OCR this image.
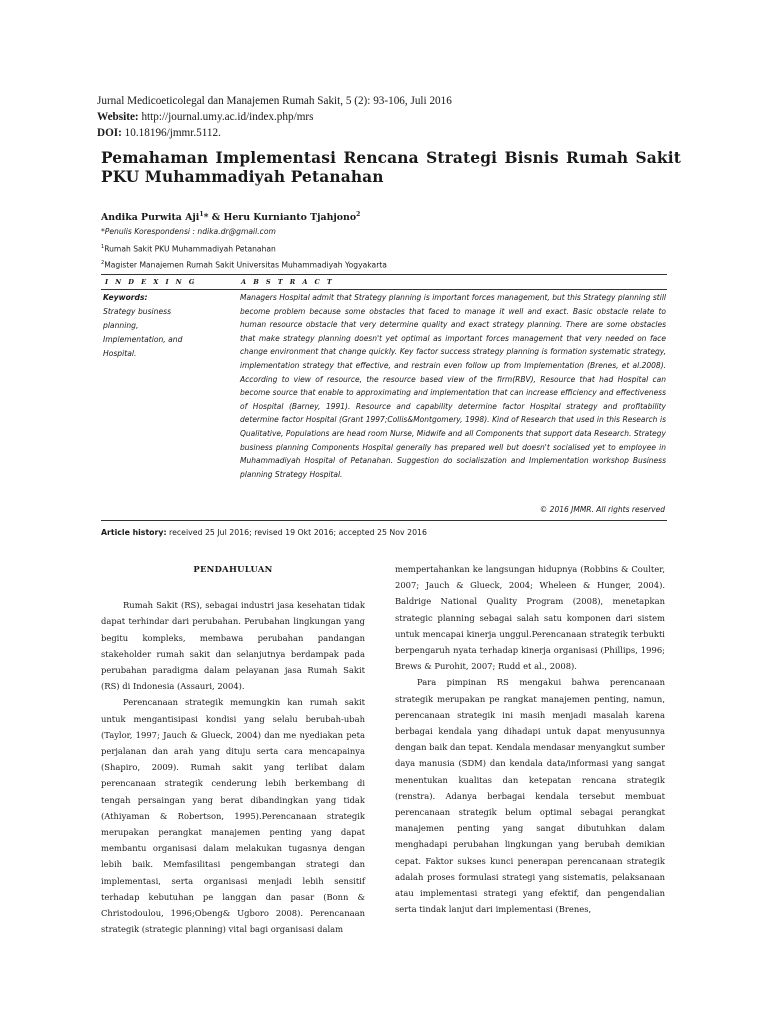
Jurnal Medicoeticolegal dan Manajemen Rumah Sakit, 5 (2): 93-106, Juli 2016
Website: http://journal.umy.ac.id/index.php/mrs
DOI: 10.18196/jmmr.5112.
Pemahaman Implementasi Rencana Strategi Bisnis Rumah Sakit PKU Muhammadiyah Petanahan
Andika Purwita Aji$^1$* & Heru Kurnianto Tjahjono$^2$
*Penulis Korespondensi : ndika.dr@gmail.com
$^1$Rumah Sakit PKU Muhammadiyah Petanahan
$^2$Magister Manajemen Rumah Sakit Universitas Muhammadiyah Yogyakarta
I N D E X I N G	A B S T R A C T
Keywords:
Strategy business
planning,
Implementation, and
Hospital.
Managers Hospital admit that Strategy planning is important forces management, but this Strategy planning still become problem because some obstacles that faced to manage it well and exact. Basic obstacle relate to human resource obstacle that very determine quality and exact strategy planning. There are some obstacles that make strategy planning doesn't yet optimal as important forces management that very needed on face change environment that change quickly. Key factor success strategy planning is formation systematic strategy, implementation strategy that effective, and restrain even follow up from Implementation (Brenes, et al.2008). According to view of resource, the resource based view of the firm(RBV), Resource that had Hospital can become source that enable to approximating and implementation that can increase efficiency and effectiveness of Hospital (Barney, 1991). Resource and capability determine factor Hospital strategy and profitability determine factor Hospital (Grant 1997;Collis&Montgomery, 1998). Kind of Research that used in this Research is Qualitative, Populations are head room Nurse, Midwife and all Components that support data Research. Strategy business planning Components Hospital generally has prepared well but doesn't socialised yet to employee in Muhammadiyah Hospital of Petanahan. Suggestion do socialiszation and Implementation workshop Business planning Strategy Hospital.
© 2016 JMMR. All rights reserved
Article history: received 25 Jul 2016; revised 19 Okt 2016; accepted 25 Nov 2016
PENDAHULUAN

Rumah Sakit (RS), sebagai industri jasa kesehatan tidak dapat terhindar dari perubahan. Perubahan lingkungan yang begitu kompleks, membawa perubahan pandangan stakeholder rumah sakit dan selanjutnya berdampak pada perubahan paradigma dalam pelayanan jasa Rumah Sakit (RS) di Indonesia (Assauri, 2004).

Perencanaan strategik memungkin kan rumah sakit untuk mengantisipasi kondisi yang selalu berubah-ubah (Taylor, 1997; Jauch & Glueck, 2004) dan me nyediakan peta perjalanan dan arah yang dituju serta cara mencapainya (Shapiro, 2009). Rumah sakit yang terlibat dalam perencanaan strategik cenderung lebih berkembang di tengah persaingan yang berat dibandingkan yang tidak (Athiyaman & Robertson, 1995).Perencanaan strategik merupakan perangkat manajemen penting yang dapat membantu organisasi dalam melakukan tugasnya dengan lebih baik. Memfasilitasi pengembangan strategi dan implementasi, serta organisasi menjadi lebih sensitif terhadap kebutuhan pe langgan dan pasar (Bonn & Christodoulou, 1996;Obeng& Ugboro 2008). Perencanaan strategik (strategic planning) vital bagi organisasi dalam

mempertahankan ke langsungan hidupnya (Robbins & Coulter, 2007; Jauch & Glueck, 2004; Wheleen & Hunger, 2004). Baldrige National Quality Program (2008), menetapkan strategic planning sebagai salah satu komponen dari sistem untuk mencapai kinerja unggul.Perencanaan strategik terbukti berpengaruh nyata terhadap kinerja organisasi (Phillips, 1996; Brews & Purohit, 2007; Rudd et al., 2008).

Para pimpinan RS mengakui bahwa perencanaan strategik merupakan pe rangkat manajemen penting, namun, perencanaan strategik ini masih menjadi masalah karena berbagai kendala yang dihadapi untuk dapat menyusunnya dengan baik dan tepat. Kendala mendasar menyangkut sumber daya manusia (SDM) dan kendala data/informasi yang sangat menentukan kualitas dan ketepatan rencana strategik (renstra). Adanya berbagai kendala tersebut membuat perencanaan strategik belum optimal sebagai perangkat manajemen penting yang sangat dibutuhkan dalam menghadapi perubahan lingkungan yang berubah demikian cepat. Faktor sukses kunci penerapan perencanaan strategik adalah proses formulasi strategi yang sistematis, pelaksanaan atau implementasi strategi yang efektif, dan pengendalian serta tindak lanjut dari implementasi (Brenes,
